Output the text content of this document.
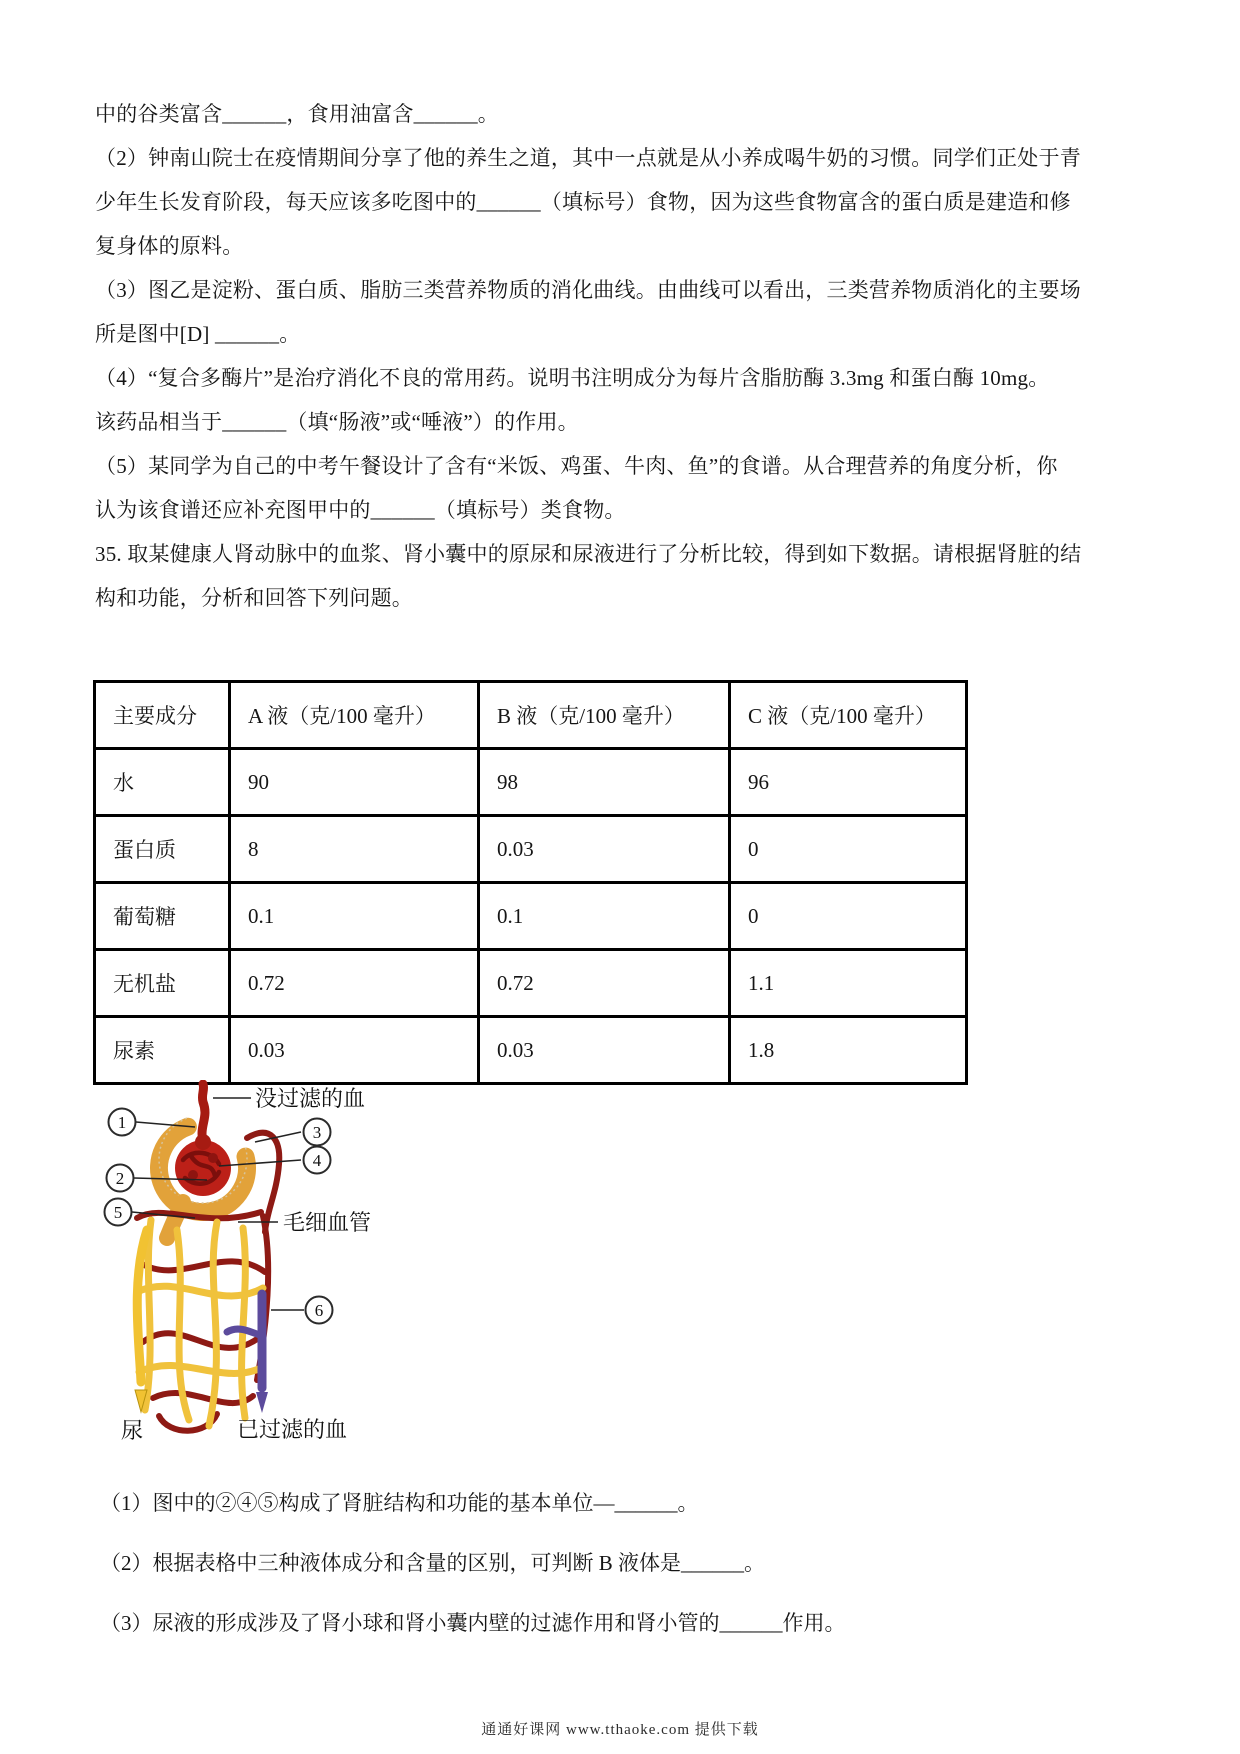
中的谷类富含______，食用油富含______。
（2）钟南山院士在疫情期间分享了他的养生之道，其中一点就是从小养成喝牛奶的习惯。同学们正处于青
少年生长发育阶段，每天应该多吃图中的______（填标号）食物，因为这些食物富含的蛋白质是建造和修
复身体的原料。
（3）图乙是淀粉、蛋白质、脂肪三类营养物质的消化曲线。由曲线可以看出，三类营养物质消化的主要场
所是图中[D] ______。
（4）“复合多酶片”是治疗消化不良的常用药。说明书注明成分为每片含脂肪酶 3.3mg 和蛋白酶 10mg。
该药品相当于______（填“肠液”或“唾液”）的作用。
（5）某同学为自己的中考午餐设计了含有“米饭、鸡蛋、牛肉、鱼”的食谱。从合理营养的角度分析，你
认为该食谱还应补充图甲中的______（填标号）类食物。
35. 取某健康人肾动脉中的血浆、肾小囊中的原尿和尿液进行了分析比较，得到如下数据。请根据肾脏的结
构和功能，分析和回答下列问题。
主要成分	A 液（克/100 毫升）	B 液（克/100 毫升）	C 液（克/100 毫升）
水	90	98	96
蛋白质	8	0.03	0
葡萄糖	0.1	0.1	0
无机盐	0.72	0.72	1.1
尿素	0.03	0.03	1.8
1
2
3
4
5
6
没过滤的血
毛细血管
尿	已过滤的血
（1）图中的②④⑤构成了肾脏结构和功能的基本单位—______。
（2）根据表格中三种液体成分和含量的区别，可判断 B 液体是______。
（3）尿液的形成涉及了肾小球和肾小囊内壁的过滤作用和肾小管的______作用。
通通好课网 www.tthaoke.com 提供下载
